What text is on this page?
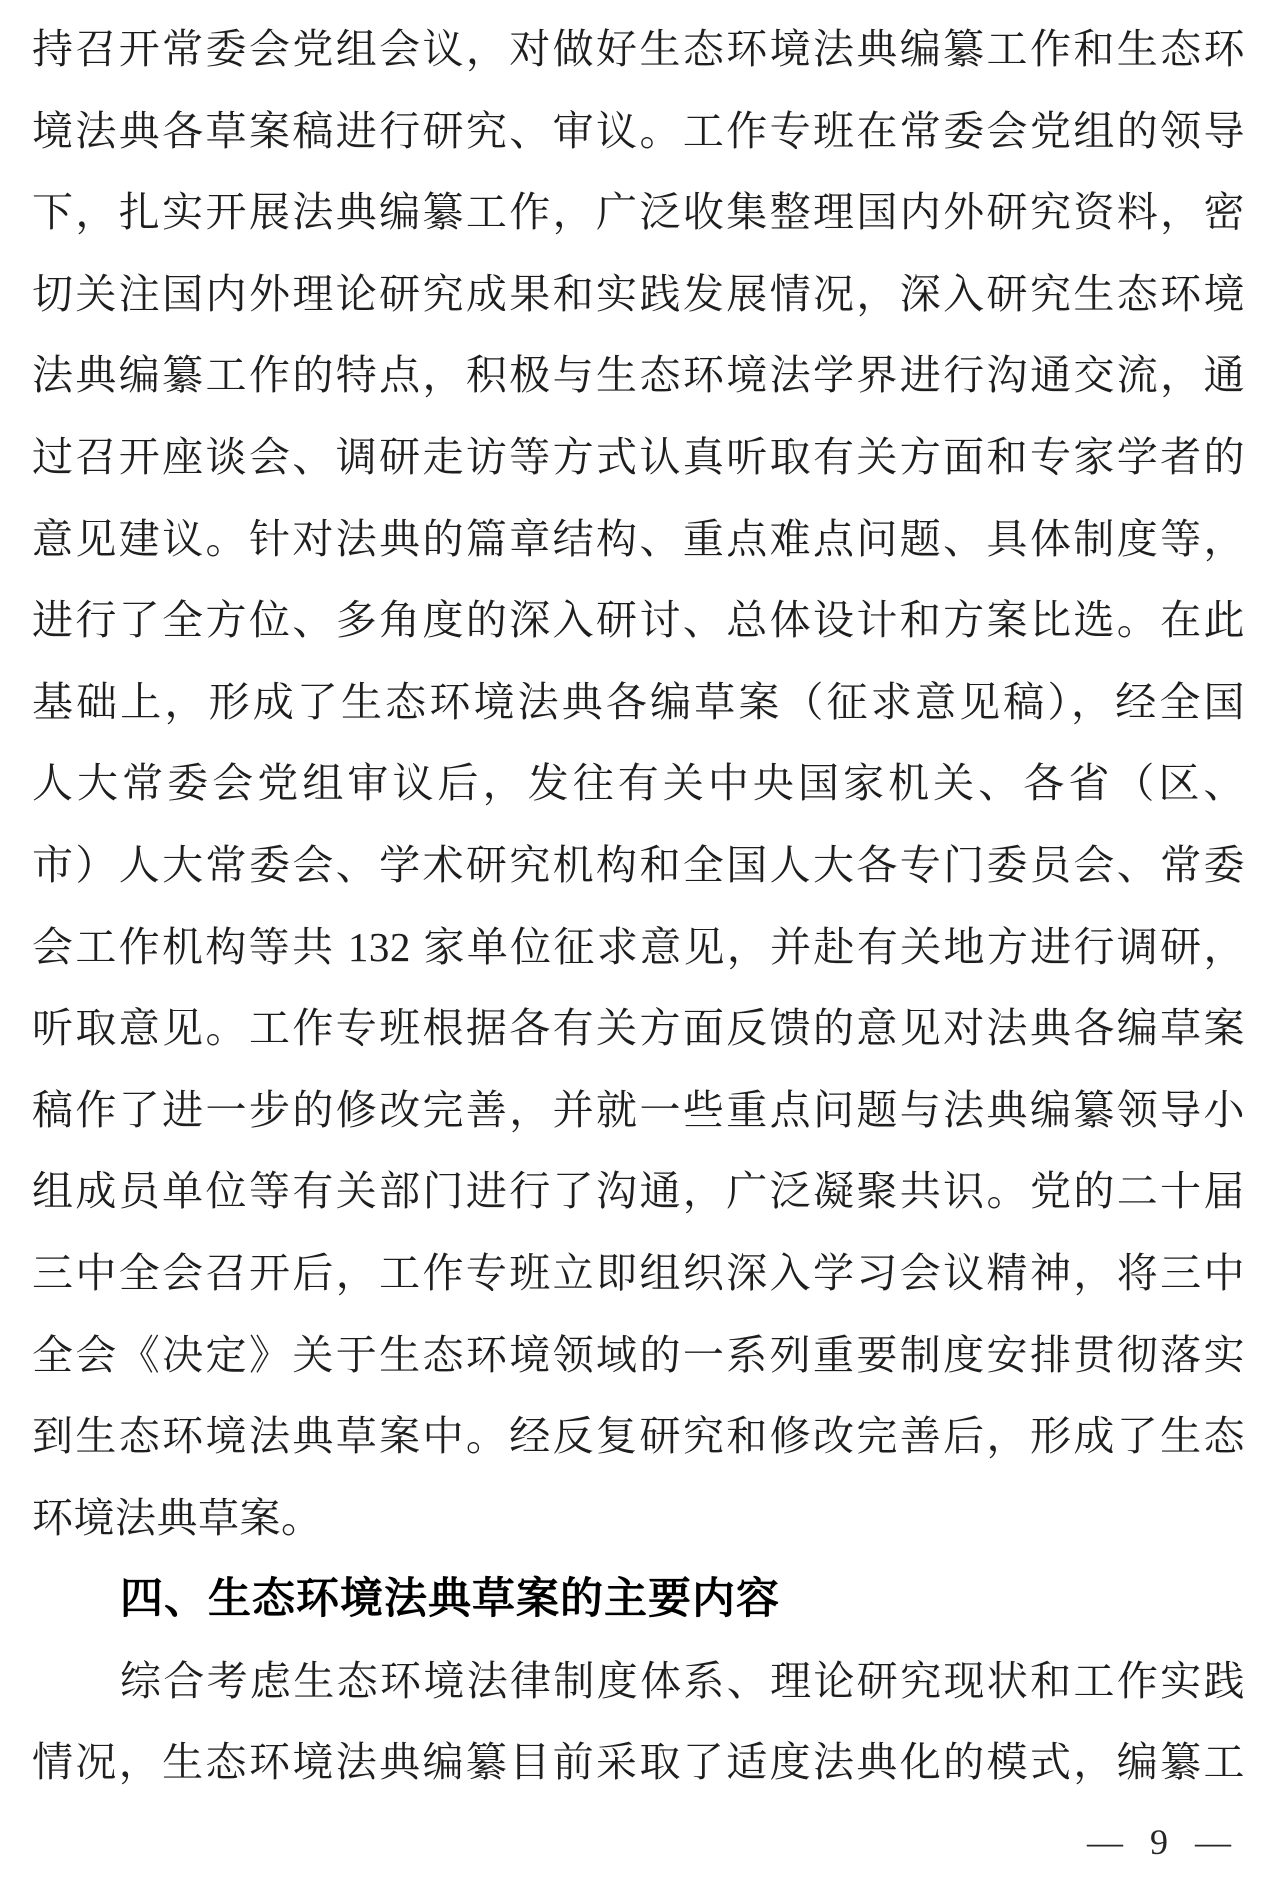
持召开常委会党组会议，对做好生态环境法典编纂工作和生态环
境法典各草案稿进行研究、审议。工作专班在常委会党组的领导
下，扎实开展法典编纂工作，广泛收集整理国内外研究资料，密
切关注国内外理论研究成果和实践发展情况，深入研究生态环境
法典编纂工作的特点，积极与生态环境法学界进行沟通交流，通
过召开座谈会、调研走访等方式认真听取有关方面和专家学者的
意见建议。针对法典的篇章结构、重点难点问题、具体制度等，
进行了全方位、多角度的深入研讨、总体设计和方案比选。在此
基础上，形成了生态环境法典各编草案（征求意见稿），经全国
人大常委会党组审议后，发往有关中央国家机关、各省（区、
市）人大常委会、学术研究机构和全国人大各专门委员会、常委
会工作机构等共 132 家单位征求意见，并赴有关地方进行调研，
听取意见。工作专班根据各有关方面反馈的意见对法典各编草案
稿作了进一步的修改完善，并就一些重点问题与法典编纂领导小
组成员单位等有关部门进行了沟通，广泛凝聚共识。党的二十届
三中全会召开后，工作专班立即组织深入学习会议精神，将三中
全会《决定》关于生态环境领域的一系列重要制度安排贯彻落实
到生态环境法典草案中。经反复研究和修改完善后，形成了生态
环境法典草案。
四、生态环境法典草案的主要内容
综合考虑生态环境法律制度体系、理论研究现状和工作实践
情况，生态环境法典编纂目前采取了适度法典化的模式，编纂工
— 9 —
